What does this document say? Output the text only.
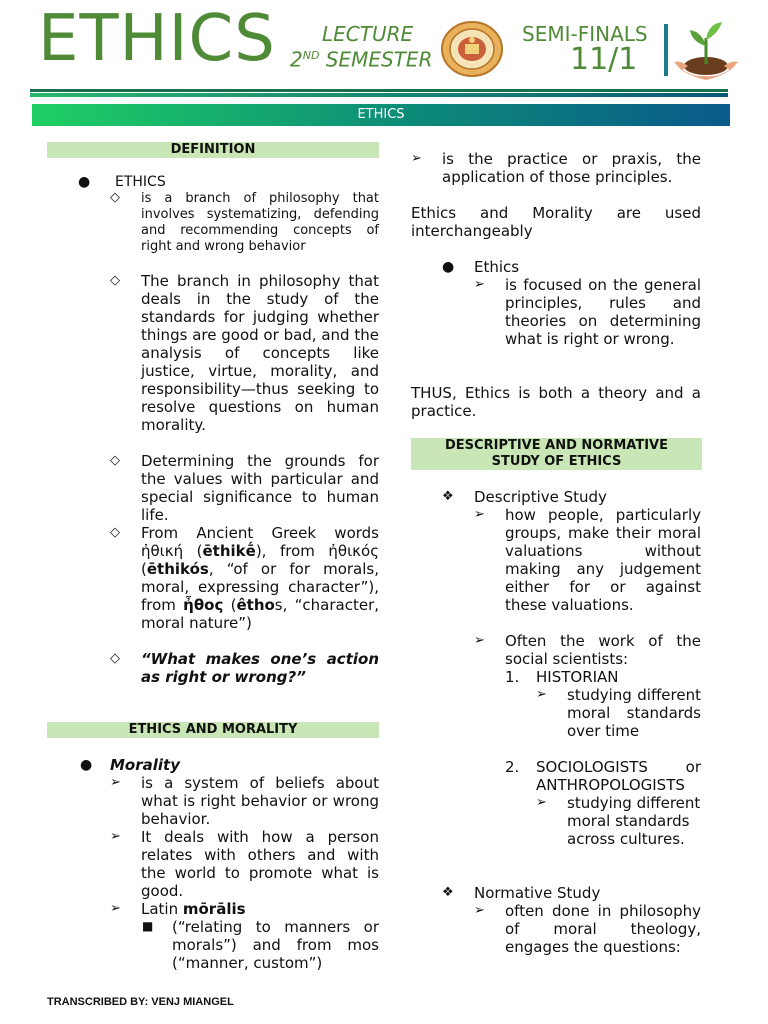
ETHICS LECTURE
2ND SEMESTER
SEMI-FINALS
11/1
ETHICS
DEFINITION
● ETHICS
◇ is a branch of philosophy that involves systematizing, defending and recommending concepts of right and wrong behavior
◇ The branch in philosophy that deals in the study of the standards for judging whether things are good or bad, and the analysis of concepts like justice, virtue, morality, and responsibility—thus seeking to resolve questions on human morality.
◇ Determining the grounds for the values with particular and special significance to human life.
◇ From Ancient Greek words ἠθική (ēthikḗ), from ἠθικός (ēthikós, “of or for morals, moral, expressing character”), from ἦθος (êthos, “character, moral nature”)
◇ “What makes one’s action as right or wrong?”
ETHICS AND MORALITY
● Morality
➢ is a system of beliefs about what is right behavior or wrong behavior.
➢ It deals with how a person relates with others and with the world to promote what is good.
➢ Latin mōrālis
■ (“relating to manners or morals”) and from mos (“manner, custom”)
➢ is the practice or praxis, the application of those principles.
Ethics and Morality are used interchangeably
● Ethics
➢ is focused on the general principles, rules and theories on determining what is right or wrong.
THUS, Ethics is both a theory and a practice.
DESCRIPTIVE AND NORMATIVE
STUDY OF ETHICS
❖ Descriptive Study
➢ how people, particularly groups, make their moral valuations without making any judgement either for or against these valuations.
➢ Often the work of the social scientists:
1. HISTORIAN
➢ studying different moral standards over time
2. SOCIOLOGISTS or ANTHROPOLOGISTS
➢ studying different moral standards across cultures.
❖ Normative Study
➢ often done in philosophy of moral theology, engages the questions:
TRANSCRIBED BY: VENJ MIANGEL
